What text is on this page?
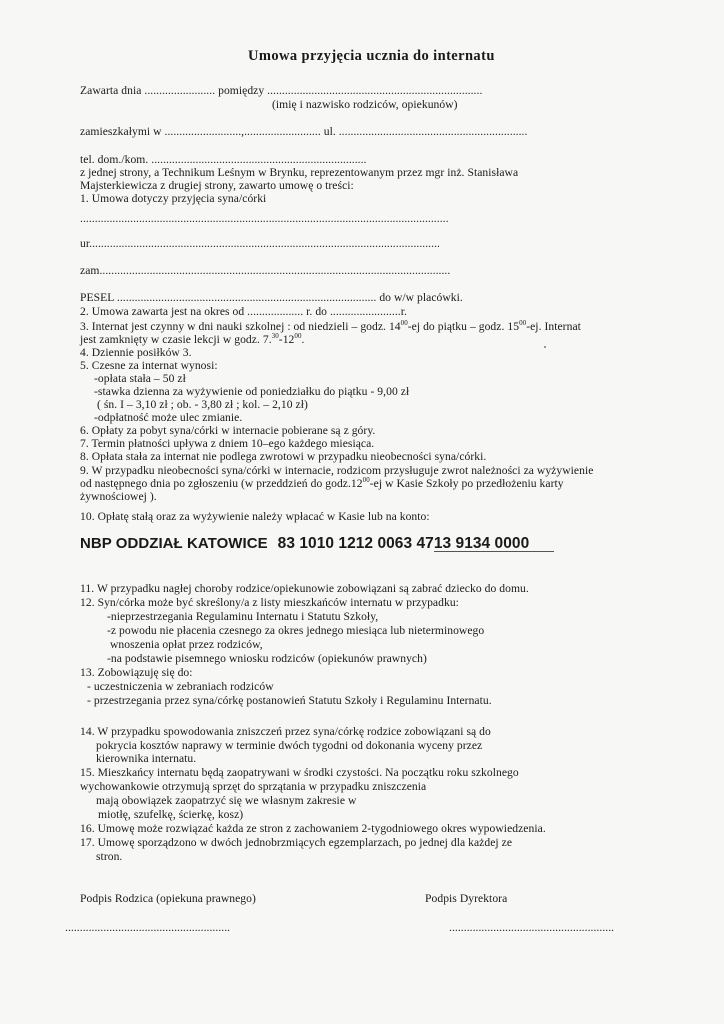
Umowa przyjęcia ucznia do internatu
Zawarta dnia ........................ pomiędzy .........................................................................
(imię i nazwisko rodziców, opiekunów)
zamieszkałymi w ..........................,.......................... ul. ................................................................
tel. dom./kom. .........................................................................
z jednej strony, a Technikum Leśnym w Brynku, reprezentowanym przez mgr inż. Stanisława
Majsterkiewicza z drugiej strony, zawarto umowę o treści:
1. Umowa dotyczy przyjęcia syna/córki
.............................................................................................................................
ur.......................................................................................................................
zam.......................................................................................................................
PESEL ........................................................................................ do w/w placówki.
2. Umowa zawarta jest na okres od ................... r. do ........................r.
3. Internat jest czynny w dni nauki szkolnej : od niedzieli – godz. $14^{00}-ej$ do piątku – godz. $15^{00}-ej$. Internat
jest zamknięty w czasie lekcji w godz. $7.30-12^{00}$.
4. Dziennie posiłków 3.
5. Czesne za internat wynosi:
-opłata stała – 50 zł
-stawka dzienna za wyżywienie od poniedziałku do piątku - 9,00 zł
( śn. I – 3,10 zł ; ob. - 3,80 zł ; kol. – 2,10 zł)
-odpłatność może ulec zmianie.
6. Opłaty za pobyt syna/córki w internacie pobierane są z góry.
7. Termin płatności upływa z dniem 10–ego każdego miesiąca.
8. Opłata stała za internat nie podlega zwrotowi w przypadku nieobecności syna/córki.
9. W przypadku nieobecności syna/córki w internacie, rodzicom przysługuje zwrot należności za wyżywienie
od następnego dnia po zgłoszeniu (w przeddzień do $godz.12^{00}-ej$ w Kasie Szkoły po przedłożeniu karty
żywnościowej ).
10. Opłatę stałą oraz za wyżywienie należy wpłacać w Kasie lub na konto:
NBP ODDZIAŁ KATOWICE 83 1010 1212 0063 4713 9134 0000
11. W przypadku nagłej choroby rodzice/opiekunowie zobowiązani są zabrać dziecko do domu.
12. Syn/córka może być skreślony/a z listy mieszkańców internatu w przypadku:
-nieprzestrzegania Regulaminu Internatu i Statutu Szkoły,
-z powodu nie płacenia czesnego za okres jednego miesiąca lub nieterminowego
wnoszenia opłat przez rodziców,
-na podstawie pisemnego wniosku rodziców (opiekunów prawnych)
13. Zobowiązuję się do:
- uczestniczenia w zebraniach rodziców
- przestrzegania przez syna/córkę postanowień Statutu Szkoły i Regulaminu Internatu.
14. W przypadku spowodowania zniszczeń przez syna/córkę rodzice zobowiązani są do
pokrycia kosztów naprawy w terminie dwóch tygodni od dokonania wyceny przez
kierownika internatu.
15. Mieszkańcy internatu będą zaopatrywani w środki czystości. Na początku roku szkolnego
wychowankowie otrzymują sprzęt do sprzątania w przypadku zniszczenia
mają obowiązek zaopatrzyć się we własnym zakresie w
miotłę, szufelkę, ścierkę, kosz)
16. Umowę może rozwiązać każda ze stron z zachowaniem 2-tygodniowego okres wypowiedzenia.
17. Umowę sporządzono w dwóch jednobrzmiących egzemplarzach, po jednej dla każdej ze
stron.
Podpis Rodzica (opiekuna prawnego)	Podpis Dyrektora
........................................................	........................................................
